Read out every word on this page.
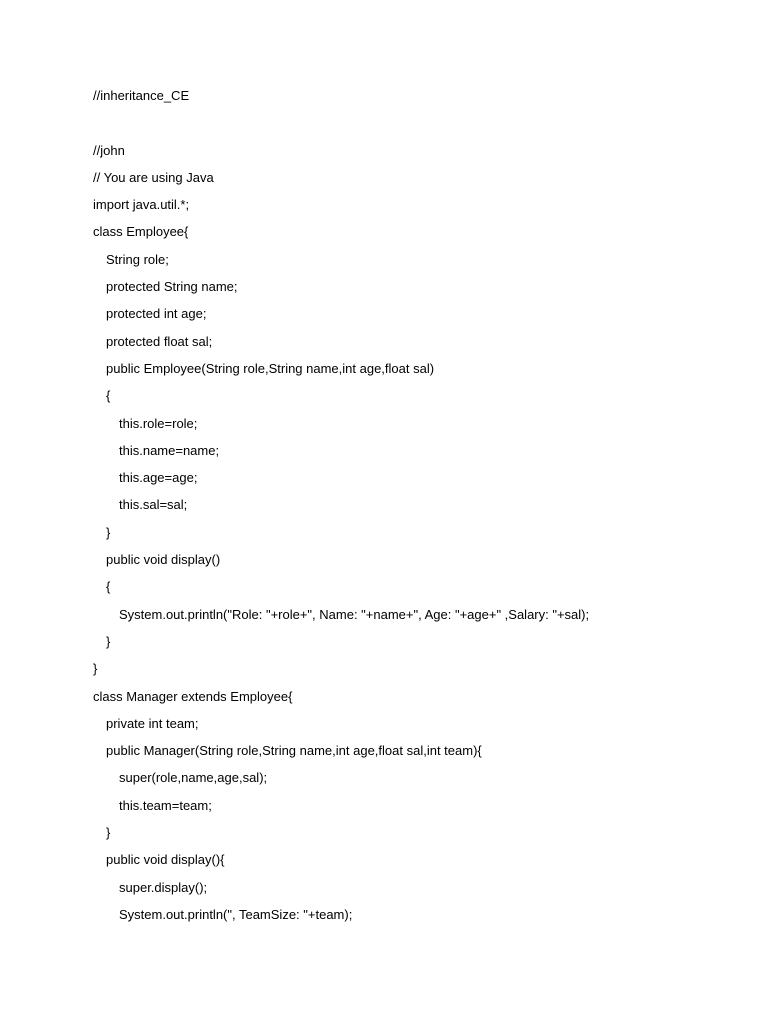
//inheritance_CE
//john
// You are using Java
import java.util.*;
class Employee{
String role;
protected String name;
protected int age;
protected float sal;
public Employee(String role,String name,int age,float sal)
{
this.role=role;
this.name=name;
this.age=age;
this.sal=sal;
}
public void display()
{
System.out.println("Role: "+role+", Name: "+name+", Age: "+age+" ,Salary: "+sal);
}
}
class Manager extends Employee{
private int team;
public Manager(String role,String name,int age,float sal,int team){
super(role,name,age,sal);
this.team=team;
}
public void display(){
super.display();
System.out.println(", TeamSize: "+team);
